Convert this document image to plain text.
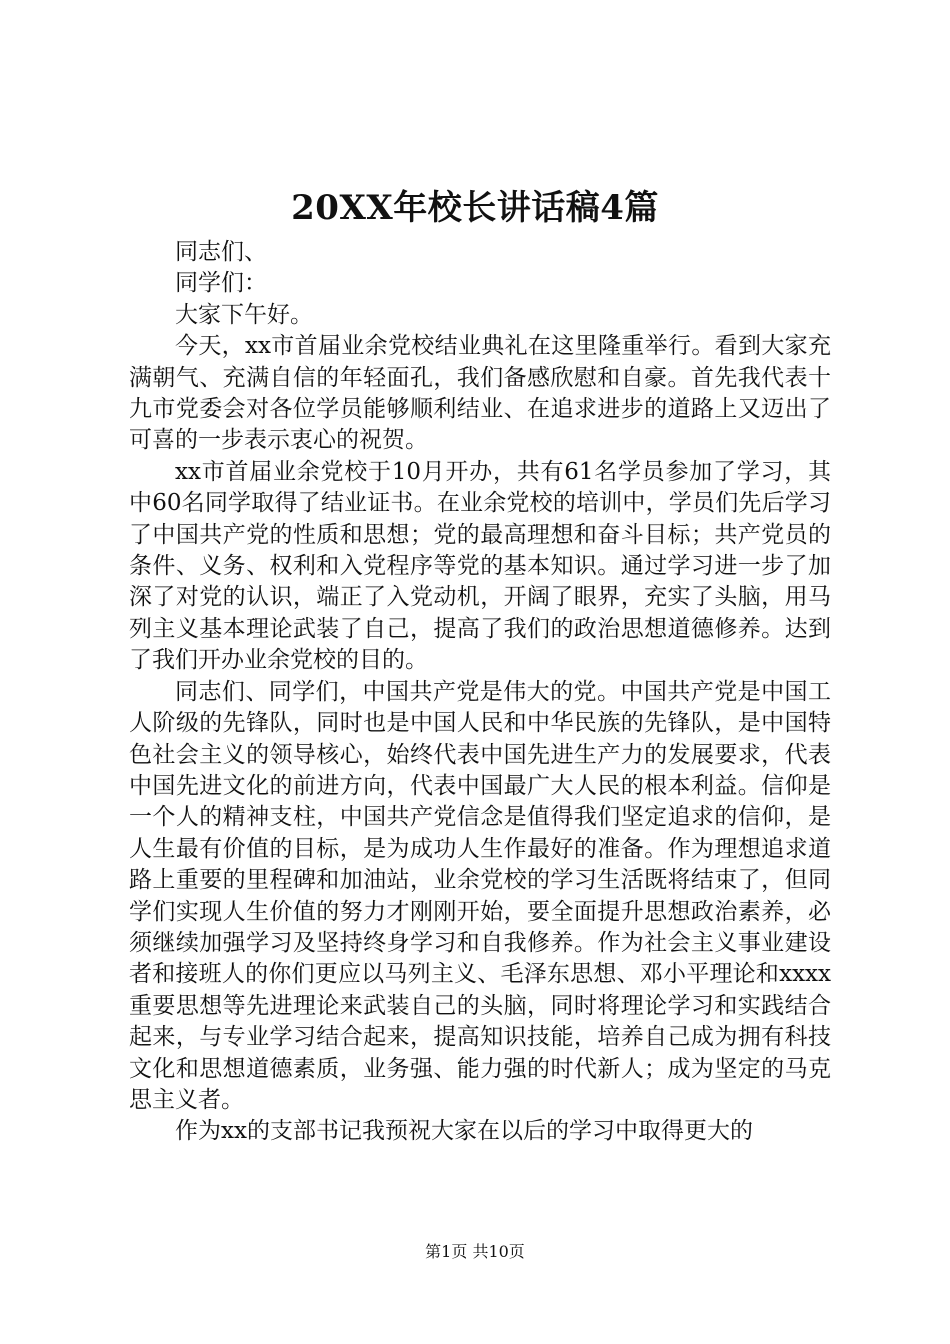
20XX年校长讲话稿4篇

同志们、

同学们：

大家下午好。

今天，xx市首届业余党校结业典礼在这里隆重举行。看到大家充满朝气、充满自信的年轻面孔，我们备感欣慰和自豪。首先我代表十九市党委会对各位学员能够顺利结业、在追求进步的道路上又迈出了可喜的一步表示衷心的祝贺。

xx市首届业余党校于10月开办，共有61名学员参加了学习，其中60名同学取得了结业证书。在业余党校的培训中，学员们先后学习了中国共产党的性质和思想；党的最高理想和奋斗目标；共产党员的条件、义务、权利和入党程序等党的基本知识。通过学习进一步了加深了对党的认识，端正了入党动机，开阔了眼界，充实了头脑，用马列主义基本理论武装了自己，提高了我们的政治思想道德修养。达到了我们开办业余党校的目的。

同志们、同学们，中国共产党是伟大的党。中国共产党是中国工人阶级的先锋队，同时也是中国人民和中华民族的先锋队，是中国特色社会主义的领导核心，始终代表中国先进生产力的发展要求，代表中国先进文化的前进方向，代表中国最广大人民的根本利益。信仰是一个人的精神支柱，中国共产党信念是值得我们坚定追求的信仰，是人生最有价值的目标，是为成功人生作最好的准备。作为理想追求道路上重要的里程碑和加油站，业余党校的学习生活既将结束了，但同学们实现人生价值的努力才刚刚开始，要全面提升思想政治素养，必须继续加强学习及坚持终身学习和自我修养。作为社会主义事业建设者和接班人的你们更应以马列主义、毛泽东思想、邓小平理论和xxxx重要思想等先进理论来武装自己的头脑，同时将理论学习和实践结合起来，与专业学习结合起来，提高知识技能，培养自己成为拥有科技文化和思想道德素质，业务强、能力强的时代新人；成为坚定的马克思主义者。

作为xx的支部书记我预祝大家在以后的学习中取得更大的

第1页 共10页
